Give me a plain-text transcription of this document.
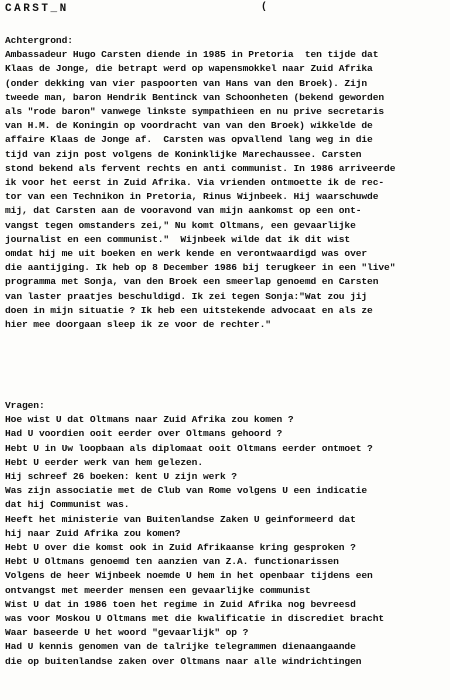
CARST_N	(
Achtergrond:
Ambassadeur Hugo Carsten diende in 1985 in Pretoria  ten tijde dat
Klaas de Jonge, die betrapt werd op wapensmokkel naar Zuid Afrika
(onder dekking van vier paspoorten van Hans van den Broek). Zijn
tweede man, baron Hendrik Bentinck van Schoonheten (bekend geworden
als "rode baron" vanwege linkste sympathieen en nu prive secretaris
van H.M. de Koningin op voordracht van van den Broek) wikkelde de
affaire Klaas de Jonge af.  Carsten was opvallend lang weg in die
tijd van zijn post volgens de Koninklijke Marechaussee. Carsten
stond bekend als fervent rechts en anti communist. In 1986 arriveerde
ik voor het eerst in Zuid Afrika. Via vrienden ontmoette ik de rec-
tor van een Technikon in Pretoria, Rinus Wijnbeek. Hij waarschuwde
mij, dat Carsten aan de vooravond van mijn aankomst op een ont-
vangst tegen omstanders zei," Nu komt Oltmans, een gevaarlijke
journalist en een communist."  Wijnbeek wilde dat ik dit wist
omdat hij me uit boeken en werk kende en verontwaardigd was over
die aantijging. Ik heb op 8 December 1986 bij terugkeer in een "live"
programma met Sonja, van den Broek een smeerlap genoemd en Carsten
van laster praatjes beschuldigd. Ik zei tegen Sonja:"Wat zou jij
doen in mijn situatie ? Ik heb een uitstekende advocaat en als ze
hier mee doorgaan sleep ik ze voor de rechter."
Vragen:
Hoe wist U dat Oltmans naar Zuid Afrika zou komen ?
Had U voordien ooit eerder over Oltmans gehoord ?
Hebt U in Uw loopbaan als diplomaat ooit Oltmans eerder ontmoet ?
Hebt U eerder werk van hem gelezen.
Hij schreef 26 boeken: kent U zijn werk ?
Was zijn associatie met de Club van Rome volgens U een indicatie
dat hij Communist was.
Heeft het ministerie van Buitenlandse Zaken U geinformeerd dat
hij naar Zuid Afrika zou komen?
Hebt U over die komst ook in Zuid Afrikaanse kring gesproken ?
Hebt U Oltmans genoemd ten aanzien van Z.A. functionarissen
Volgens de heer Wijnbeek noemde U hem in het openbaar tijdens een
ontvangst met meerder mensen een gevaarlijke communist
Wist U dat in 1986 toen het regime in Zuid Afrika nog bevreesd
was voor Moskou U Oltmans met die kwalificatie in discrediet bracht
Waar baseerde U het woord "gevaarlijk" op ?
Had U kennis genomen van de talrijke telegrammen dienaangaande
die op buitenlandse zaken over Oltmans naar alle windrichtingen
